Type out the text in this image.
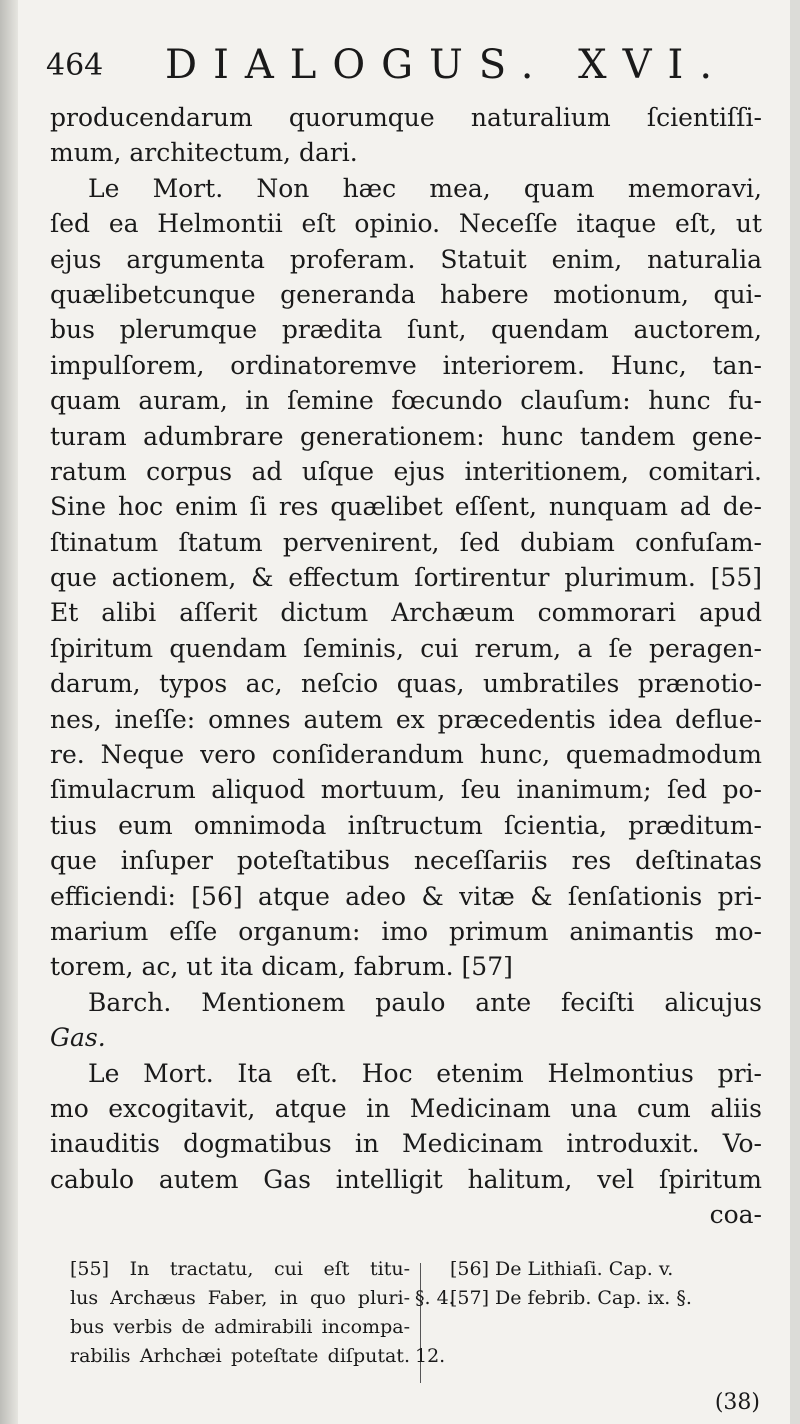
464 DIALOGUS. XVI.
producendarum quorumque naturalium ſcientiſſi-
mum, architectum, dari.
Le Mort. Non hæc mea, quam memoravi,
ſed ea Helmontii eſt opinio. Neceſſe itaque eſt, ut
ejus argumenta proferam. Statuit enim, naturalia
quælibetcunque generanda habere motionum, qui-
bus plerumque prædita ſunt, quendam auctorem,
impulſorem, ordinatoremve interiorem. Hunc, tan-
quam auram, in ſemine fœcundo clauſum: hunc fu-
turam adumbrare generationem: hunc tandem gene-
ratum corpus ad uſque ejus interitionem, comitari.
Sine hoc enim ſi res quælibet eſſent, nunquam ad de-
ſtinatum ſtatum pervenirent, ſed dubiam confuſam-
que actionem, & effectum ſortirentur plurimum. [55]
Et alibi aſſerit dictum Archæum commorari apud
ſpiritum quendam ſeminis, cui rerum, a ſe peragen-
darum, typos ac, neſcio quas, umbratiles prænotio-
nes, ineſſe: omnes autem ex præcedentis idea deflue-
re. Neque vero conſiderandum hunc, quemadmodum
ſimulacrum aliquod mortuum, ſeu inanimum; ſed po-
tius eum omnimoda inſtructum ſcientia, præditum-
que inſuper poteſtatibus neceſſariis res deſtinatas
efficiendi: [56] atque adeo & vitæ & ſenſationis pri-
marium eſſe organum: imo primum animantis mo-
torem, ac, ut ita dicam, fabrum. [57]
Barch. Mentionem paulo ante feciſti alicujus
Gas.
Le Mort. Ita eſt. Hoc etenim Helmontius pri-
mo excogitavit, atque in Medicinam una cum aliis
inauditis dogmatibus in Medicinam introduxit. Vo-
cabulo autem Gas intelligit halitum, vel ſpiritum
coa-
[55] In tractatu, cui eſt titu-
lus Archæus Faber, in quo pluri-
bus verbis de admirabili incompa-
rabilis Arhchæi poteſtate diſputat.
§. 4.
12.
[56] De Lithiaſi. Cap. v.
[57] De febrib. Cap. ix. §.
(38)
